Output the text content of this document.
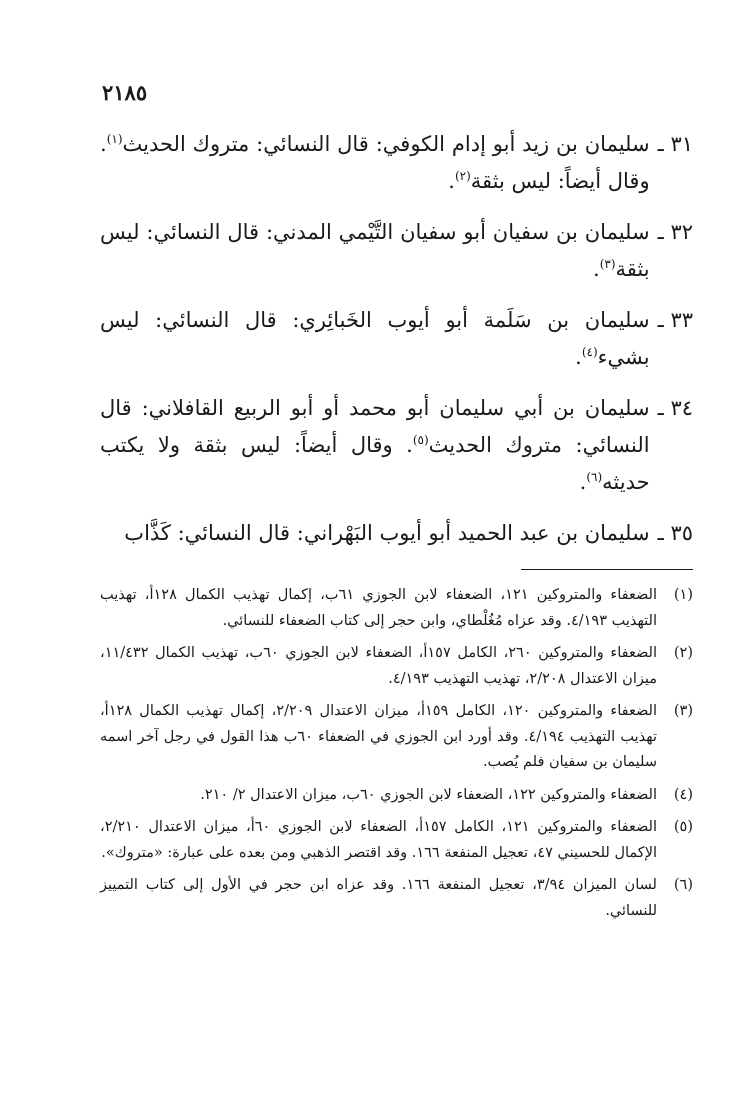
٢١٨٥
٣١ ـ
سليمان بن زيد أبو إدام الكوفي: قال النسائي: متروك الحديث$^{(١)}$. وقال أيضاً: ليس بثقة$^{(٢)}$.
٣٢ ـ
سليمان بن سفيان أبو سفيان التَّيْمي المدني: قال النسائي: ليس بثقة$^{(٣)}$.
٣٣ ـ
سليمان بن سَلَمة أبو أيوب الخَبائِري: قال النسائي: ليس بشيء$^{(٤)}$.
٣٤ ـ
سليمان بن أبي سليمان أبو محمد أو أبو الربيع القافلاني: قال النسائي: متروك الحديث$^{(٥)}$. وقال أيضاً: ليس بثقة ولا يكتب حديثه$^{(٦)}$.
٣٥ ـ
سليمان بن عبد الحميد أبو أيوب البَهْراني: قال النسائي: كَذَّاب
(١)
الضعفاء والمتروكين ١٢١، الضعفاء لابن الجوزي ٦١ب، إكمال تهذيب الكمال ١٢٨أ، تهذيب التهذيب ٤/١٩٣. وقد عزاه مُغُلْطاي، وابن حجر إلى كتاب الضعفاء للنسائي.
(٢)
الضعفاء والمتروكين ٢٦٠، الكامل ١٥٧أ، الضعفاء لابن الجوزي ٦٠ب، تهذيب الكمال ١١/٤٣٢، ميزان الاعتدال ٢/٢٠٨، تهذيب التهذيب ٤/١٩٣.
(٣)
الضعفاء والمتروكين ١٢٠، الكامل ١٥٩أ، ميزان الاعتدال ٢/٢٠٩، إكمال تهذيب الكمال ١٢٨أ، تهذيب التهذيب ٤/١٩٤. وقد أورد ابن الجوزي في الضعفاء ٦٠ب هذا القول في رجل آخر اسمه سليمان بن سفيان فلم يُصب.
(٤)
الضعفاء والمتروكين ١٢٢، الضعفاء لابن الجوزي ٦٠ب، ميزان الاعتدال ٢/ ٢١٠.
(٥)
الضعفاء والمتروكين ١٢١، الكامل ١٥٧أ، الضعفاء لابن الجوزي ٦٠أ، ميزان الاعتدال ٢/٢١٠، الإكمال للحسيني ٤٧، تعجيل المنفعة ١٦٦. وقد اقتصر الذهبي ومن بعده على عبارة: «متروك».
(٦)
لسان الميزان ٣/٩٤، تعجيل المنفعة ١٦٦. وقد عزاه ابن حجر في الأول إلى كتاب التمييز للنسائي.
